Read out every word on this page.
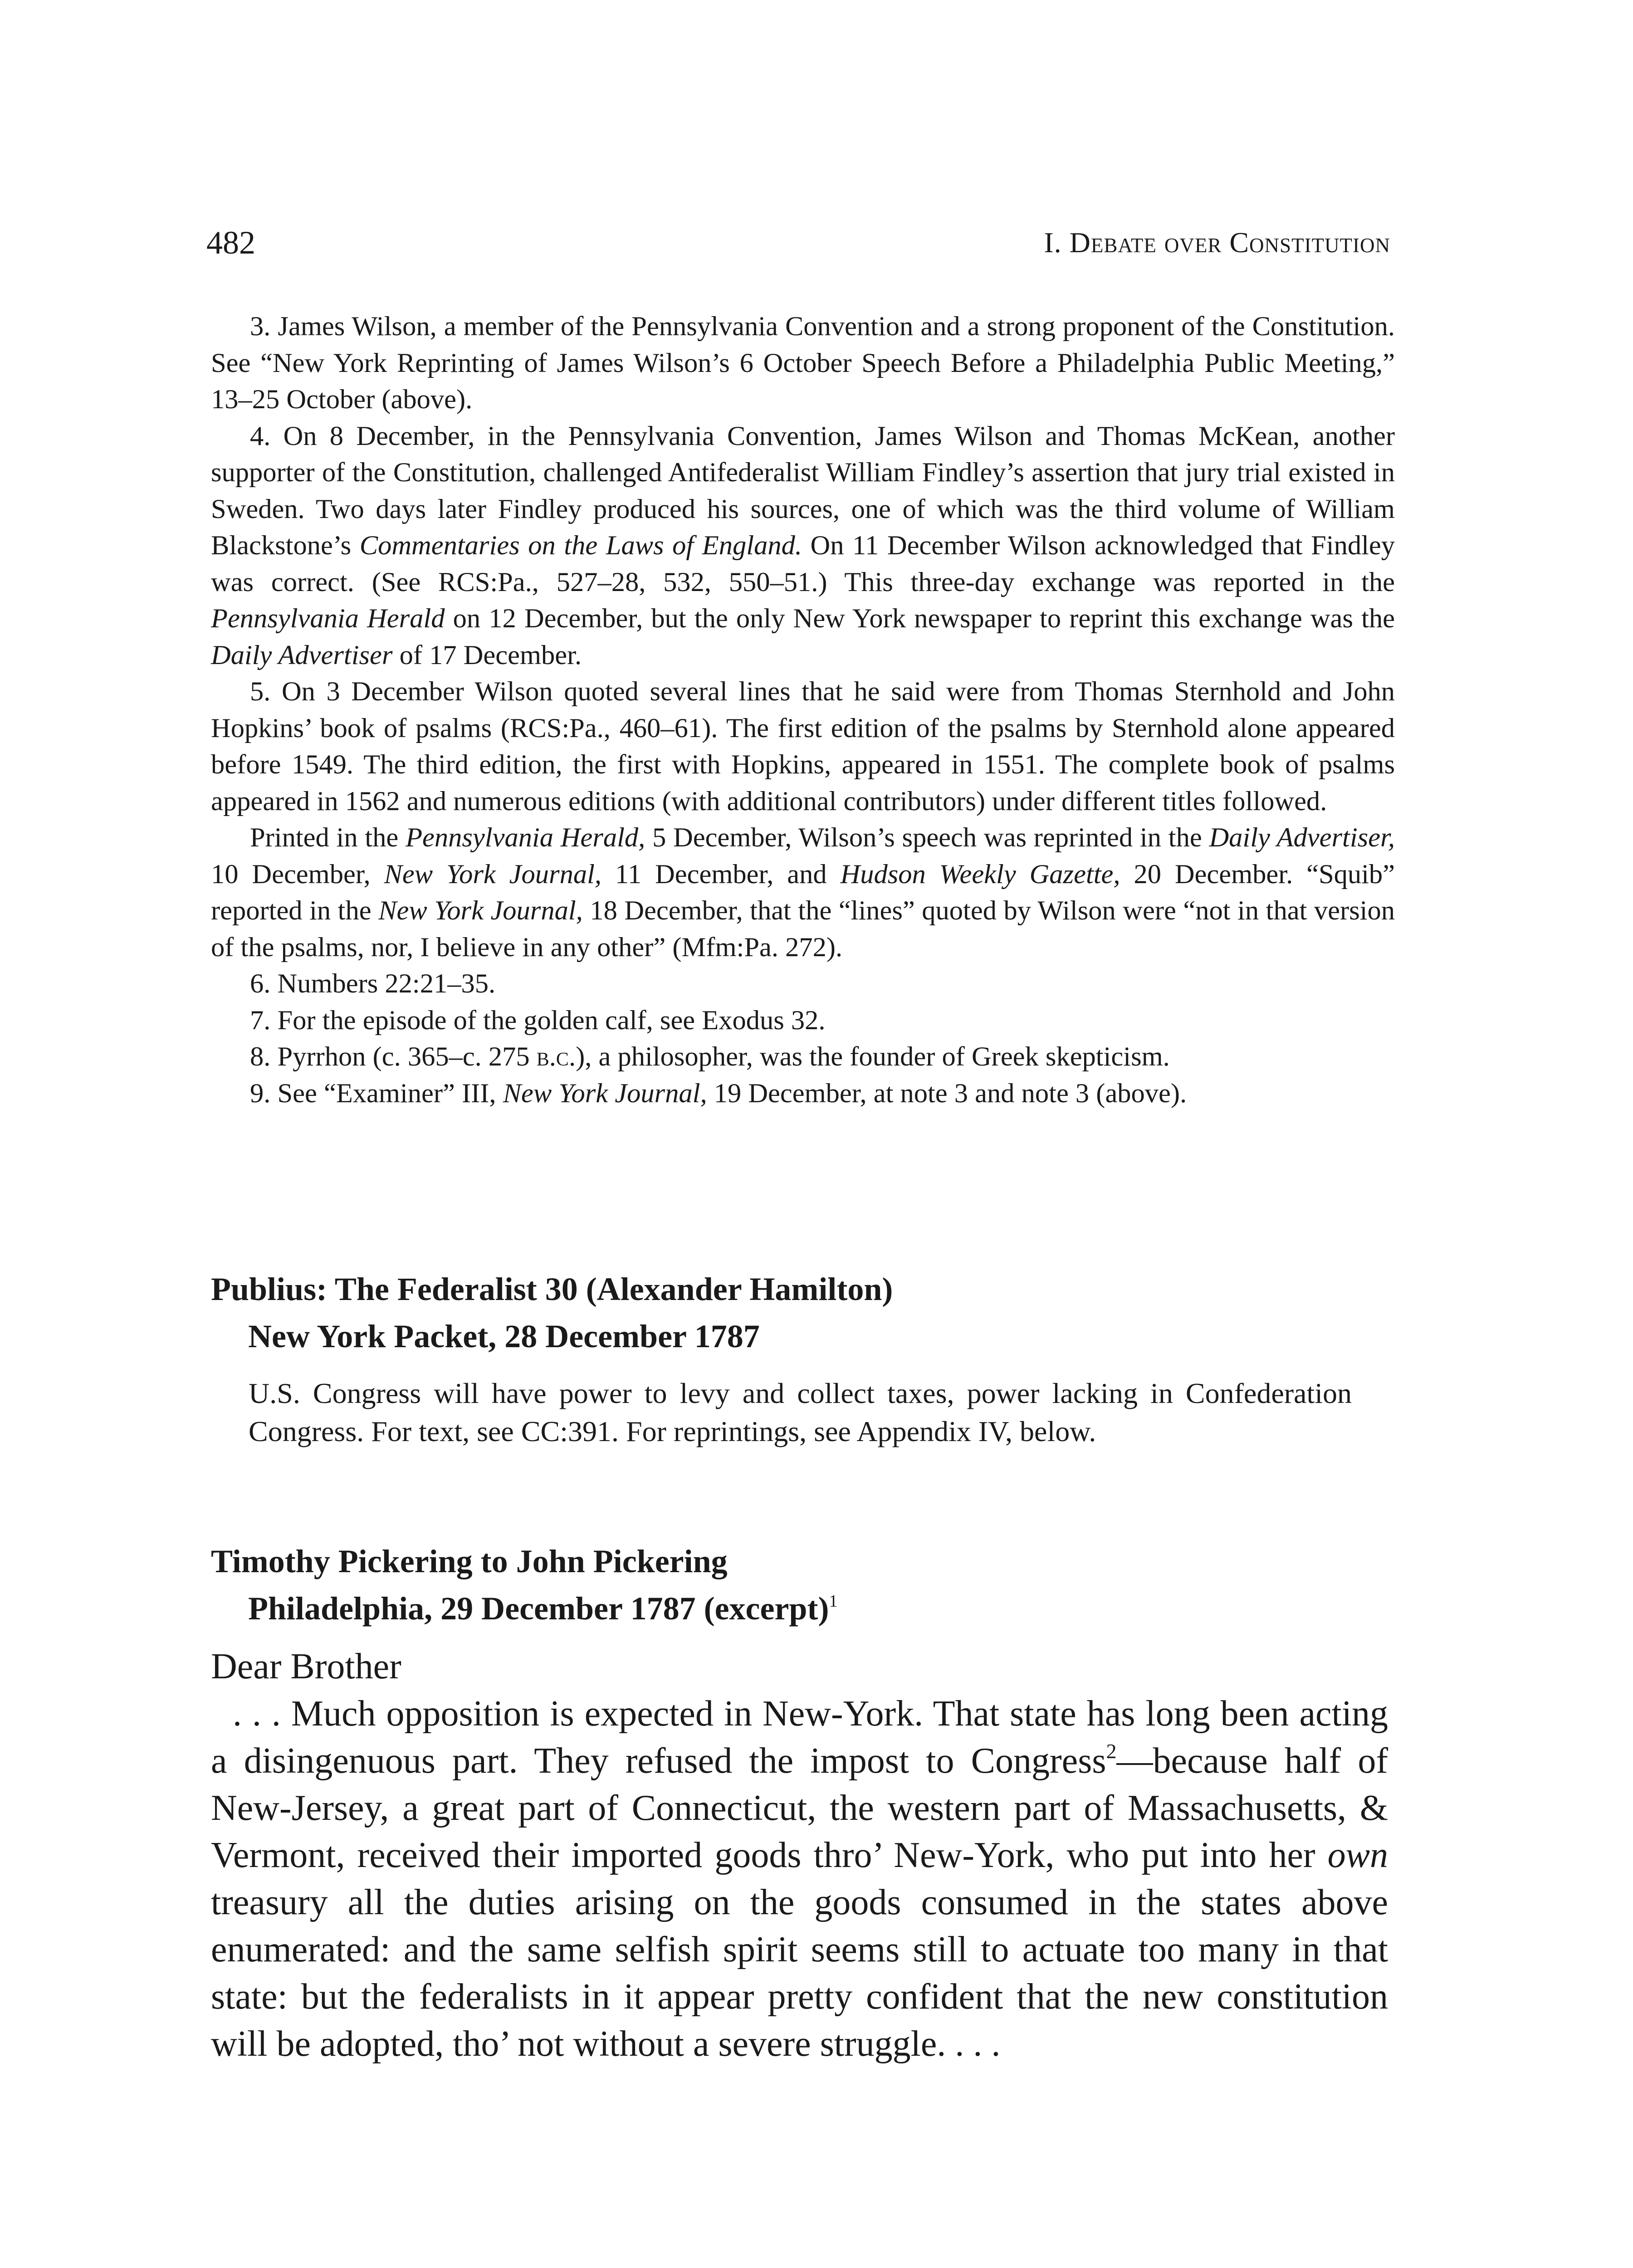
482	I. Debate over Constitution

3. James Wilson, a member of the Pennsylvania Convention and a strong proponent of the Constitution. See “New York Reprinting of James Wilson’s 6 October Speech Before a Philadelphia Public Meeting,” 13–25 October (above).

4. On 8 December, in the Pennsylvania Convention, James Wilson and Thomas McKean, another supporter of the Constitution, challenged Antifederalist William Findley’s assertion that jury trial existed in Sweden. Two days later Findley produced his sources, one of which was the third volume of William Blackstone’s Commentaries on the Laws of England. On 11 December Wilson acknowledged that Findley was correct. (See RCS:Pa., 527–28, 532, 550–51.) This three-day exchange was reported in the Pennsylvania Herald on 12 December, but the only New York newspaper to reprint this exchange was the Daily Advertiser of 17 December.

5. On 3 December Wilson quoted several lines that he said were from Thomas Sternhold and John Hopkins’ book of psalms (RCS:Pa., 460–61). The first edition of the psalms by Sternhold alone appeared before 1549. The third edition, the first with Hopkins, appeared in 1551. The complete book of psalms appeared in 1562 and numerous editions (with additional contributors) under different titles followed.

Printed in the Pennsylvania Herald, 5 December, Wilson’s speech was reprinted in the Daily Advertiser, 10 December, New York Journal, 11 December, and Hudson Weekly Gazette, 20 December. “Squib” reported in the New York Journal, 18 December, that the “lines” quoted by Wilson were “not in that version of the psalms, nor, I believe in any other” (Mfm:Pa. 272).

6. Numbers 22:21–35.

7. For the episode of the golden calf, see Exodus 32.

8. Pyrrhon (c. 365–c. 275 b.c.), a philosopher, was the founder of Greek skepticism.

9. See “Examiner” III, New York Journal, 19 December, at note 3 and note 3 (above).

Publius: The Federalist 30 (Alexander Hamilton)
New York Packet, 28 December 1787
U.S. Congress will have power to levy and collect taxes, power lacking in Confederation Congress. For text, see CC:391. For reprintings, see Appendix IV, below.
Timothy Pickering to John Pickering
Philadelphia, 29 December 1787 (excerpt)$^1$
Dear Brother

. . . Much opposition is expected in New-York. That state has long been acting a disingenuous part. They refused the impost to Congress$^2$—because half of New-Jersey, a great part of Connecticut, the western part of Massachusetts, & Vermont, received their imported goods thro’ New-York, who put into her own treasury all the duties arising on the goods consumed in the states above enumerated: and the same selfish spirit seems still to actuate too many in that state: but the federalists in it appear pretty confident that the new constitution will be adopted, tho’ not without a severe struggle. . . .
